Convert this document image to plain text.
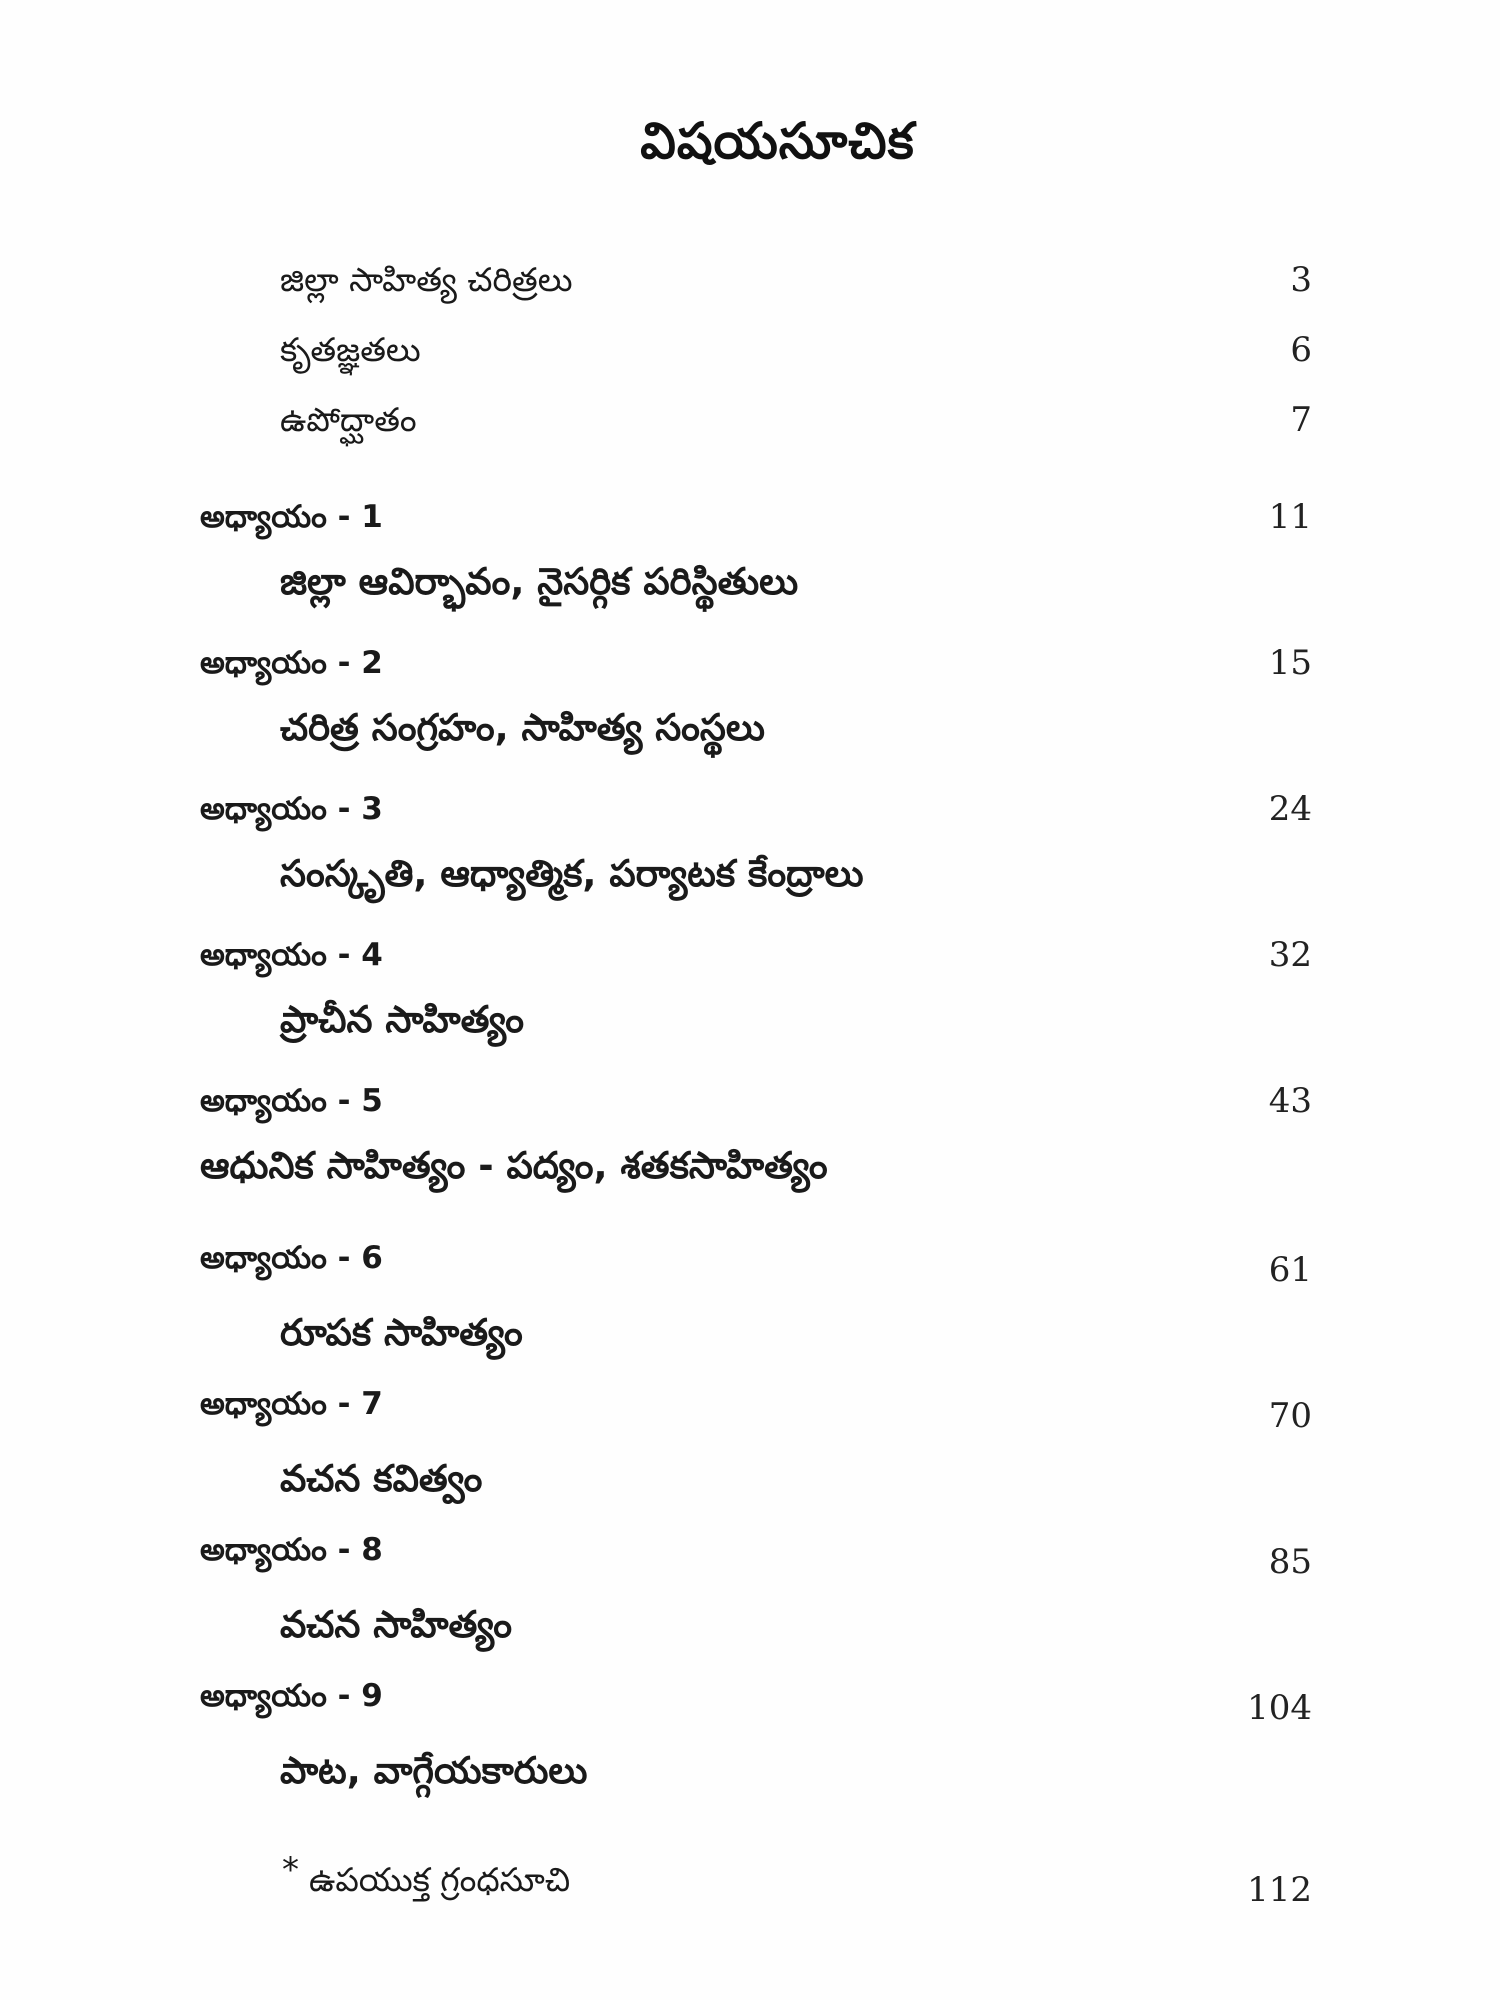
విషయసూచిక
జిల్లా సాహిత్య చరిత్రలు	3
కృతజ్ఞతలు	6
ఉపోద్ఘాతం	7
అధ్యాయం - 1	11
జిల్లా ఆవిర్భావం, నైసర్గిక పరిస్థితులు
అధ్యాయం - 2	15
చరిత్ర సంగ్రహం, సాహిత్య సంస్థలు
అధ్యాయం - 3	24
సంస్కృతి, ఆధ్యాత్మిక, పర్యాటక కేంద్రాలు
అధ్యాయం - 4	32
ప్రాచీన సాహిత్యం
అధ్యాయం - 5	43
ఆధునిక సాహిత్యం - పద్యం, శతకసాహిత్యం
అధ్యాయం - 6	61
రూపక సాహిత్యం
అధ్యాయం - 7	70
వచన కవిత్వం
అధ్యాయం - 8	85
వచన సాహిత్యం
అధ్యాయం - 9	104
పాట, వాగ్గేయకారులు
* ఉపయుక్త గ్రంధసూచి	112
